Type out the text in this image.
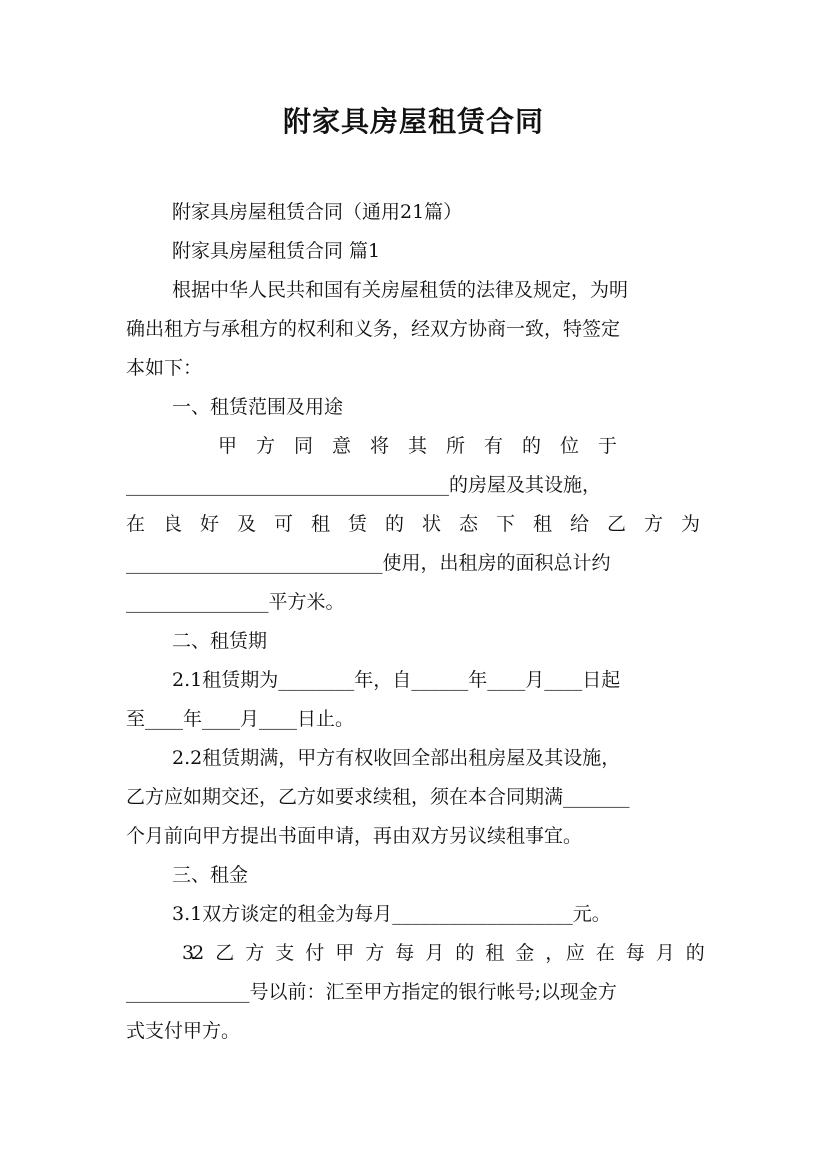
附家具房屋租赁合同
附家具房屋租赁合同（通用21篇）
附家具房屋租赁合同 篇1
根据中华人民共和国有关房屋租赁的法律及规定，为明
确出租方与承租方的权利和义务，经双方协商一致，特签定
本如下：
一、租赁范围及用途
甲　方　同　意　将　其　所　有　的　位　于
__________________________________的房屋及其设施，
在　良　好　及　可　租　赁　的　状　态　下　租　给　乙　方　为
___________________________使用，出租房的面积总计约
_______________平方米。
二、租赁期
2.1租赁期为________年，自______年____月____日起
至____年____月____日止。
2.2租赁期满，甲方有权收回全部出租房屋及其设施，
乙方应如期交还，乙方如要求续租，须在本合同期满_______
个月前向甲方提出书面申请，再由双方另议续租事宜。
三、租金
3.1双方谈定的租金为每月___________________元。
3.2　乙　方　支　付　甲　方　每　月　的　租　金　，　应　在　每　月　的
_____________号以前：汇至甲方指定的银行帐号;以现金方
式支付甲方。
